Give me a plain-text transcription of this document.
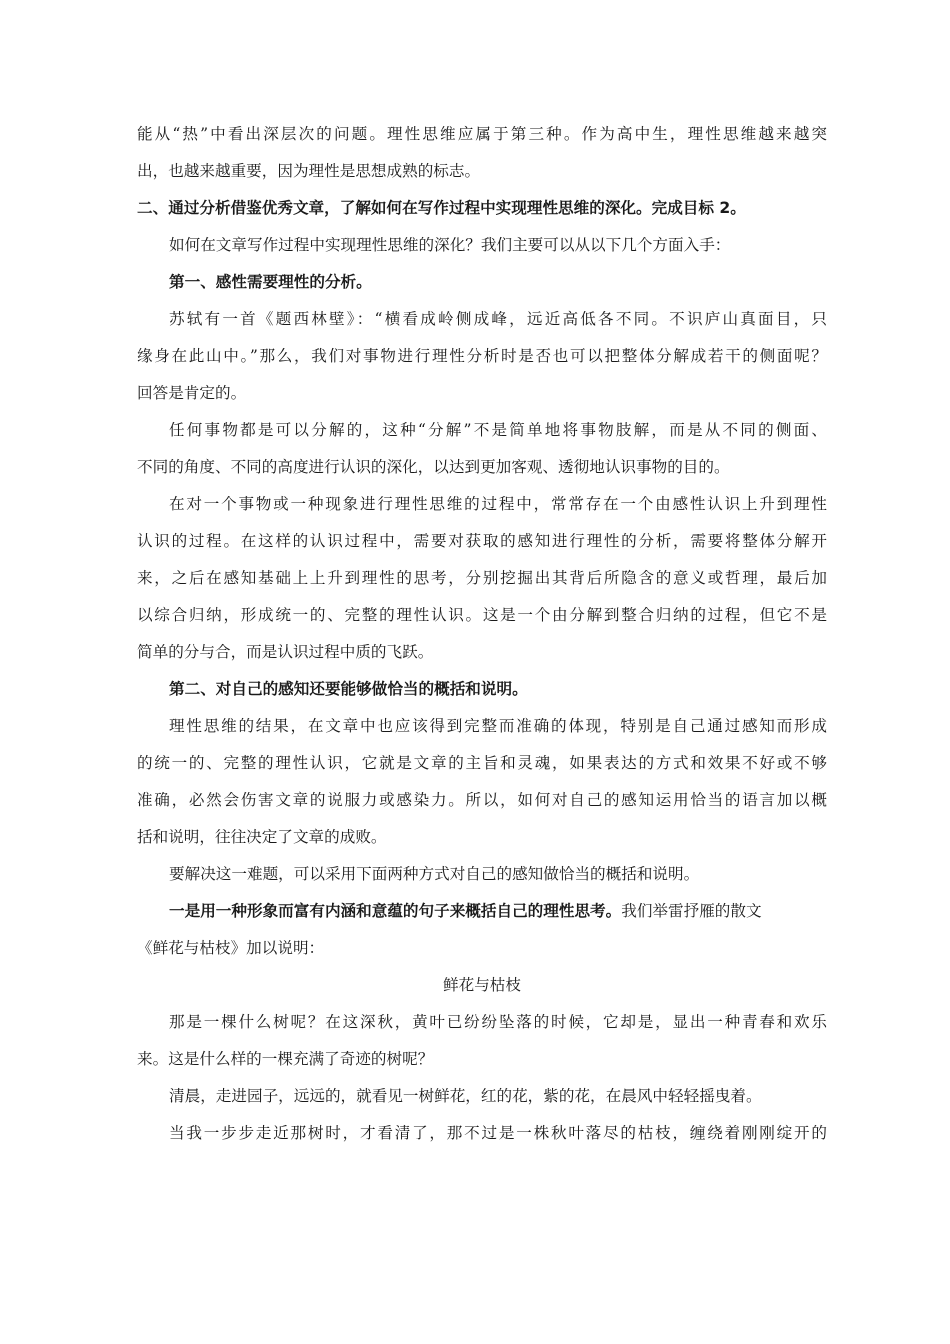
能从“热”中看出深层次的问题。理性思维应属于第三种。作为高中生，理性思维越来越突
出，也越来越重要，因为理性是思想成熟的标志。
二、通过分析借鉴优秀文章，了解如何在写作过程中实现理性思维的深化。完成目标 2。
如何在文章写作过程中实现理性思维的深化？我们主要可以从以下几个方面入手：
第一、感性需要理性的分析。
苏轼有一首《题西林壁》：“横看成岭侧成峰，远近高低各不同。不识庐山真面目，只
缘身在此山中。”那么，我们对事物进行理性分析时是否也可以把整体分解成若干的侧面呢？
回答是肯定的。
任何事物都是可以分解的，这种“分解”不是简单地将事物肢解，而是从不同的侧面、
不同的角度、不同的高度进行认识的深化，以达到更加客观、透彻地认识事物的目的。
在对一个事物或一种现象进行理性思维的过程中，常常存在一个由感性认识上升到理性
认识的过程。在这样的认识过程中，需要对获取的感知进行理性的分析，需要将整体分解开
来，之后在感知基础上上升到理性的思考，分别挖掘出其背后所隐含的意义或哲理，最后加
以综合归纳，形成统一的、完整的理性认识。这是一个由分解到整合归纳的过程，但它不是
简单的分与合，而是认识过程中质的飞跃。
第二、对自己的感知还要能够做恰当的概括和说明。
理性思维的结果，在文章中也应该得到完整而准确的体现，特别是自己通过感知而形成
的统一的、完整的理性认识，它就是文章的主旨和灵魂，如果表达的方式和效果不好或不够
准确，必然会伤害文章的说服力或感染力。所以，如何对自己的感知运用恰当的语言加以概
括和说明，往往决定了文章的成败。
要解决这一难题，可以采用下面两种方式对自己的感知做恰当的概括和说明。
一是用一种形象而富有内涵和意蕴的句子来概括自己的理性思考。我们举雷抒雁的散文
《鲜花与枯枝》加以说明：
鲜花与枯枝
那是一棵什么树呢？在这深秋，黄叶已纷纷坠落的时候，它却是，显出一种青春和欢乐
来。这是什么样的一棵充满了奇迹的树呢？
清晨，走进园子，远远的，就看见一树鲜花，红的花，紫的花，在晨风中轻轻摇曳着。
当我一步步走近那树时，才看清了，那不过是一株秋叶落尽的枯枝，缠绕着刚刚绽开的
